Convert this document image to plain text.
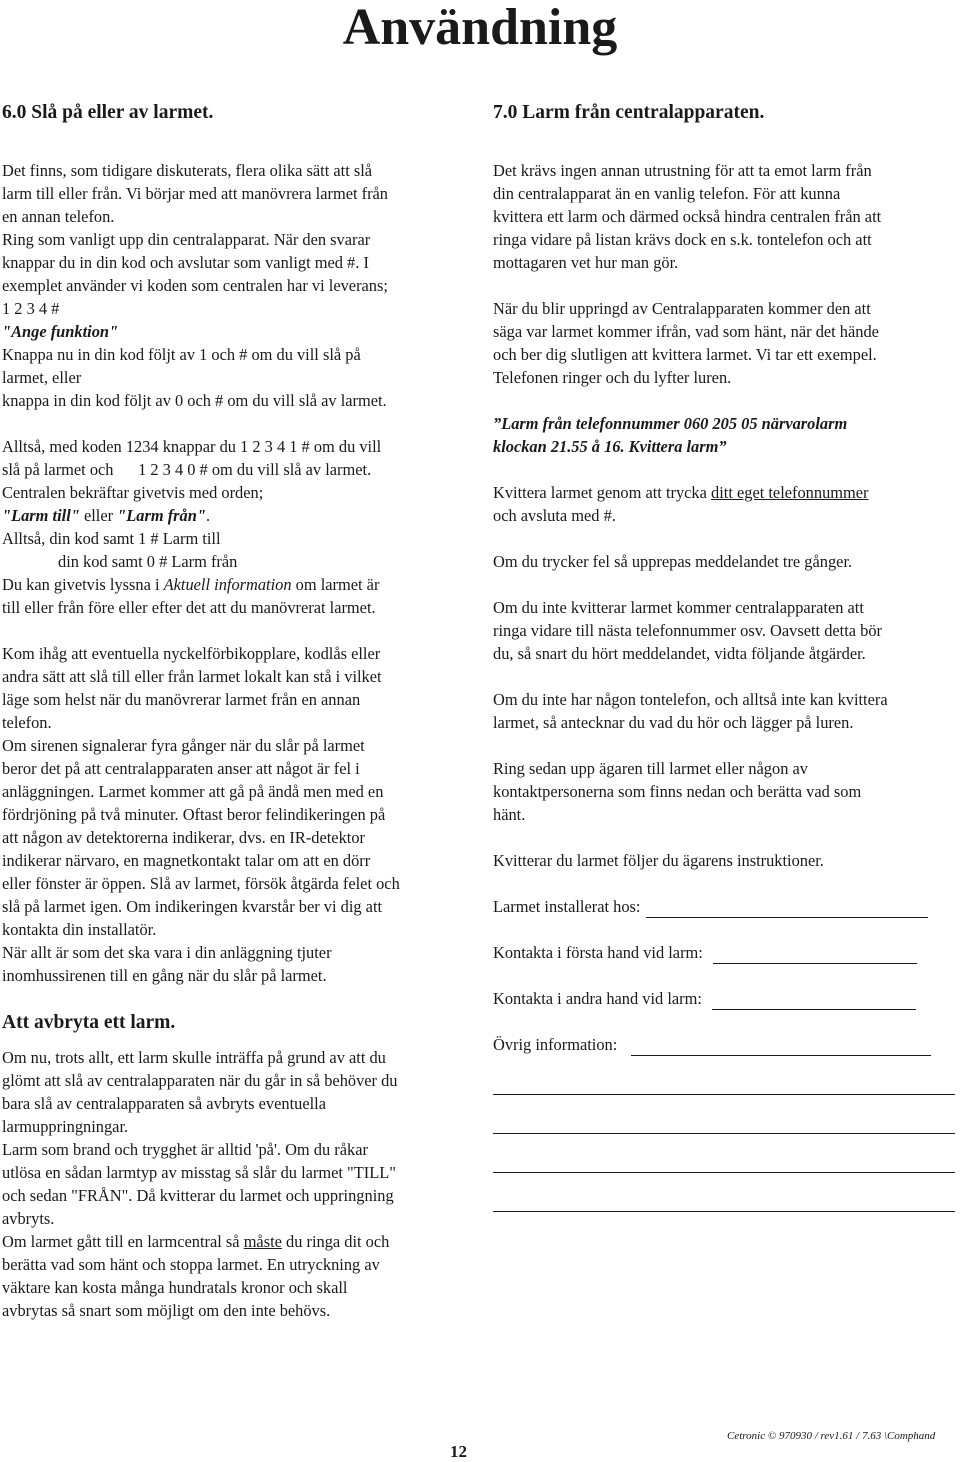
Användning

6.0 Slå på eller av larmet.

Det finns, som tidigare diskuterats, flera olika sätt att slå

larm till eller från. Vi börjar med att manövrera larmet från

en annan telefon.

Ring som vanligt upp din centralapparat. När den svarar

knappar du in din kod och avslutar som vanligt med #. I

exemplet använder vi koden som centralen har vi leverans;

1 2 3 4 #

"Ange funktion"

Knappa nu in din kod följt av 1 och # om du vill slå på

larmet, eller

knappa in din kod följt av 0 och # om du vill slå av larmet.

Alltså, med koden 1234 knappar du 1 2 3 4 1 # om du vill

slå på larmet och      1 2 3 4 0 # om du vill slå av larmet.

Centralen bekräftar givetvis med orden;

"Larm till" eller "Larm från".

Alltså, din kod samt 1 # Larm till

din kod samt 0 # Larm från

Du kan givetvis lyssna i Aktuell information om larmet är

till eller från före eller efter det att du manövrerat larmet.

Kom ihåg att eventuella nyckelförbikopplare, kodlås eller

andra sätt att slå till eller från larmet lokalt kan stå i vilket

läge som helst när du manövrerar larmet från en annan

telefon.

Om sirenen signalerar fyra gånger när du slår på larmet

beror det på att centralapparaten anser att något är fel i

anläggningen. Larmet kommer att gå på ändå men med en

fördrjöning på två minuter. Oftast beror felindikeringen på

att någon av detektorerna indikerar, dvs. en IR-detektor

indikerar närvaro, en magnetkontakt talar om att en dörr

eller fönster är öppen. Slå av larmet, försök åtgärda felet och

slå på larmet igen. Om indikeringen kvarstår ber vi dig att

kontakta din installatör.

När allt är som det ska vara i din anläggning tjuter

inomhussirenen till en gång när du slår på larmet.

Att avbryta ett larm.

Om nu, trots allt, ett larm skulle inträffa på grund av att du

glömt att slå av centralapparaten när du går in så behöver du

bara slå av centralapparaten så avbryts eventuella

larmuppringningar.

Larm som brand och trygghet är alltid 'på'. Om du råkar

utlösa en sådan larmtyp av misstag så slår du larmet "TILL"

och sedan "FRÅN". Då kvitterar du larmet och uppringning

avbryts.

Om larmet gått till en larmcentral så måste du ringa dit och

berätta vad som hänt och stoppa larmet. En utryckning av

väktare kan kosta många hundratals kronor och skall

avbrytas så snart som möjligt om den inte behövs.

7.0 Larm från centralapparaten.

Det krävs ingen annan utrustning för att ta emot larm från

din centralapparat än en vanlig telefon. För att kunna

kvittera ett larm och därmed också hindra centralen från att

ringa vidare på listan krävs dock en s.k. tontelefon och att

mottagaren vet hur man gör.

När du blir uppringd av Centralapparaten kommer den att

säga var larmet kommer ifrån, vad som hänt, när det hände

och ber dig slutligen att kvittera larmet. Vi tar ett exempel.

Telefonen ringer och du lyfter luren.

”Larm från telefonnummer 060 205 05 närvarolarm

klockan 21.55 å 16. Kvittera larm”

Kvittera larmet genom att trycka ditt eget telefonnummer

och avsluta med #.

Om du trycker fel så upprepas meddelandet tre gånger.

Om du inte kvitterar larmet kommer centralapparaten att

ringa vidare till nästa telefonnummer osv. Oavsett detta bör

du, så snart du hört meddelandet, vidta följande åtgärder.

Om du inte har någon tontelefon, och alltså inte kan kvittera

larmet, så antecknar du vad du hör och lägger på luren.

Ring sedan upp ägaren till larmet eller någon av

kontaktpersonerna som finns nedan och berätta vad som

hänt.

Kvitterar du larmet följer du ägarens instruktioner.

Larmet installerat hos:
Kontakta i första hand vid larm:
Kontakta i andra hand vid larm:
Övrig information:
12
Cetronic © 970930 / rev1.61 / 7.63 \Comphand
